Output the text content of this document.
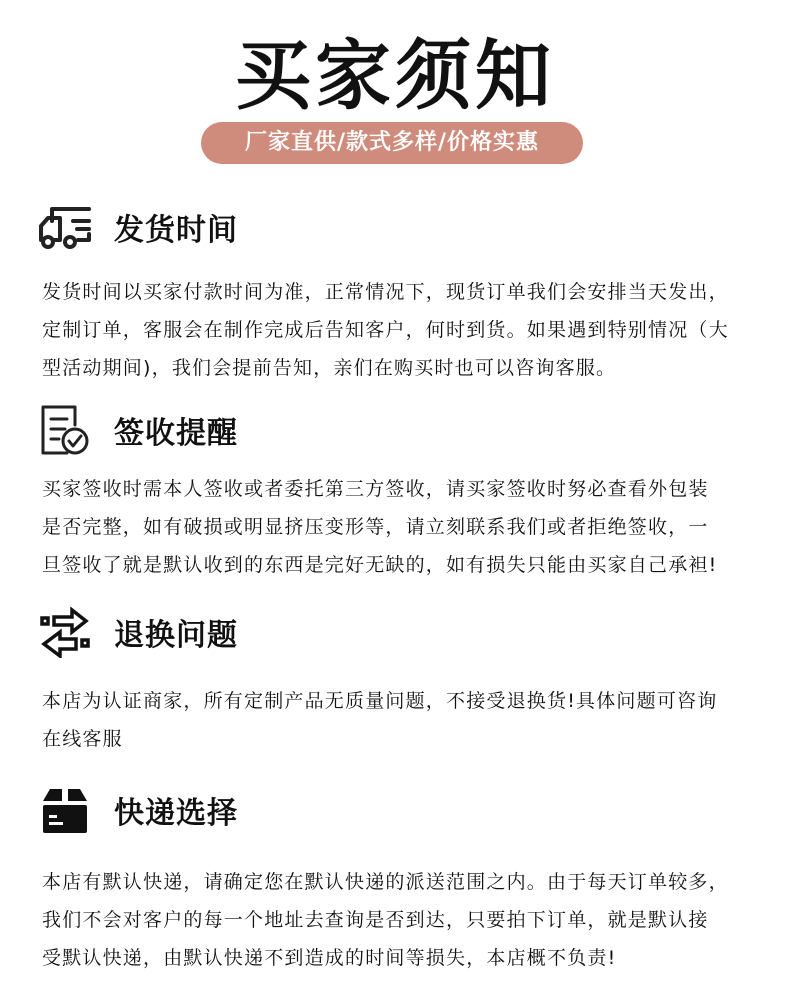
买家须知
厂家直供/款式多样/价格实惠
发货时间

发货时间以买家付款时间为准，正常情况下，现货订单我们会安排当天发出，

定制订单，客服会在制作完成后告知客户，何时到货。如果遇到特别情况（大

型活动期间)，我们会提前告知，亲们在购买时也可以咨询客服。

签收提醒

买家签收时需本人签收或者委托第三方签收，请买家签收时努必查看外包装

是否完整，如有破损或明显挤压变形等，请立刻联系我们或者拒绝签收，一

旦签收了就是默认收到的东西是完好无缺的，如有损失只能由买家自己承袒!

退换问题

本店为认证商家，所有定制产品无质量问题，不接受退换货!具体问题可咨询

在线客服

快递选择

本店有默认快递，请确定您在默认快递的派送范围之内。由于每天订单较多，

我们不会对客户的每一个地址去查询是否到达，只要拍下订单，就是默认接

受默认快递，由默认快递不到造成的时间等损失，本店概不负责!
